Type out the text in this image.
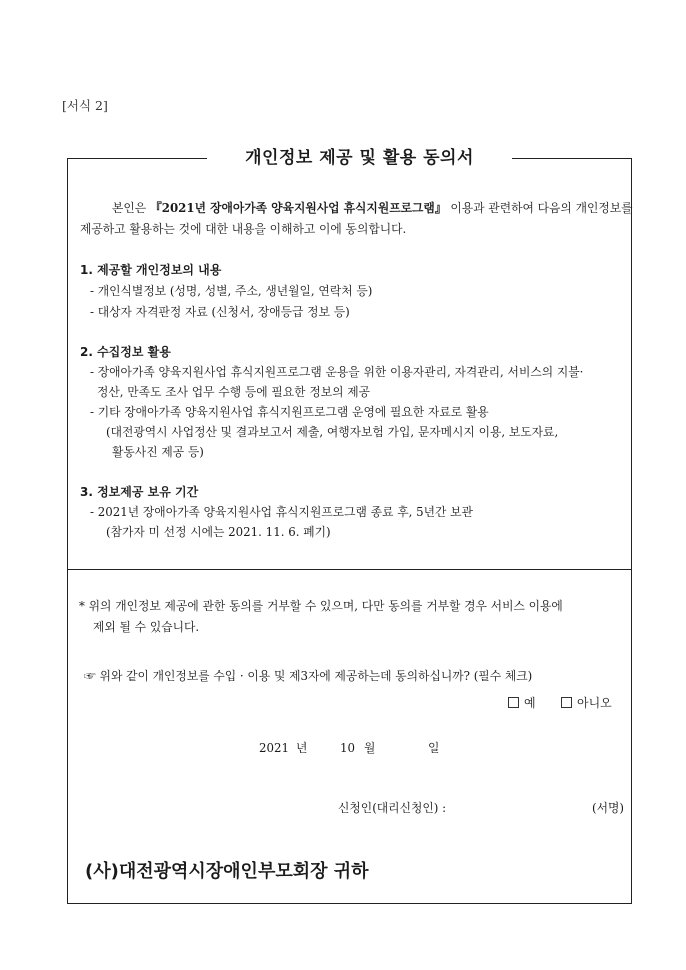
[서식 2]
개인정보 제공 및 활용 동의서
본인은 『2021년 장애아가족 양육지원사업 휴식지원프로그램』 이용과 관련하여 다음의 개인정보를
제공하고 활용하는 것에 대한 내용을 이해하고 이에 동의합니다.
1. 제공할 개인정보의 내용
- 개인식별정보 (성명, 성별, 주소, 생년월일, 연락처 등)
- 대상자 자격판정 자료 (신청서, 장애등급 정보 등)
2. 수집정보 활용
- 장애아가족 양육지원사업 휴식지원프로그램 운용을 위한 이용자관리, 자격관리, 서비스의 지불·
정산, 만족도 조사 업무 수행 등에 필요한 정보의 제공
- 기타 장애아가족 양육지원사업 휴식지원프로그램 운영에 필요한 자료로 활용
(대전광역시 사업정산 및 결과보고서 제출, 여행자보험 가입, 문자메시지 이용, 보도자료,
활동사진 제공 등)
3. 정보제공 보유 기간
- 2021년 장애아가족 양육지원사업 휴식지원프로그램 종료 후, 5년간 보관
(참가자 미 선정 시에는 2021. 11. 6. 폐기)
* 위의 개인정보 제공에 관한 동의를 거부할 수 있으며, 다만 동의를 거부할 경우 서비스 이용에
제외 될 수 있습니다.
☞ 위와 같이 개인정보를 수입 · 이용 및 제3자에 제공하는데 동의하십니까? (필수 체크)
예	아니오
2021 년	10 월	일
신청인(대리신청인) :	(서명)
(사)대전광역시장애인부모회장 귀하
